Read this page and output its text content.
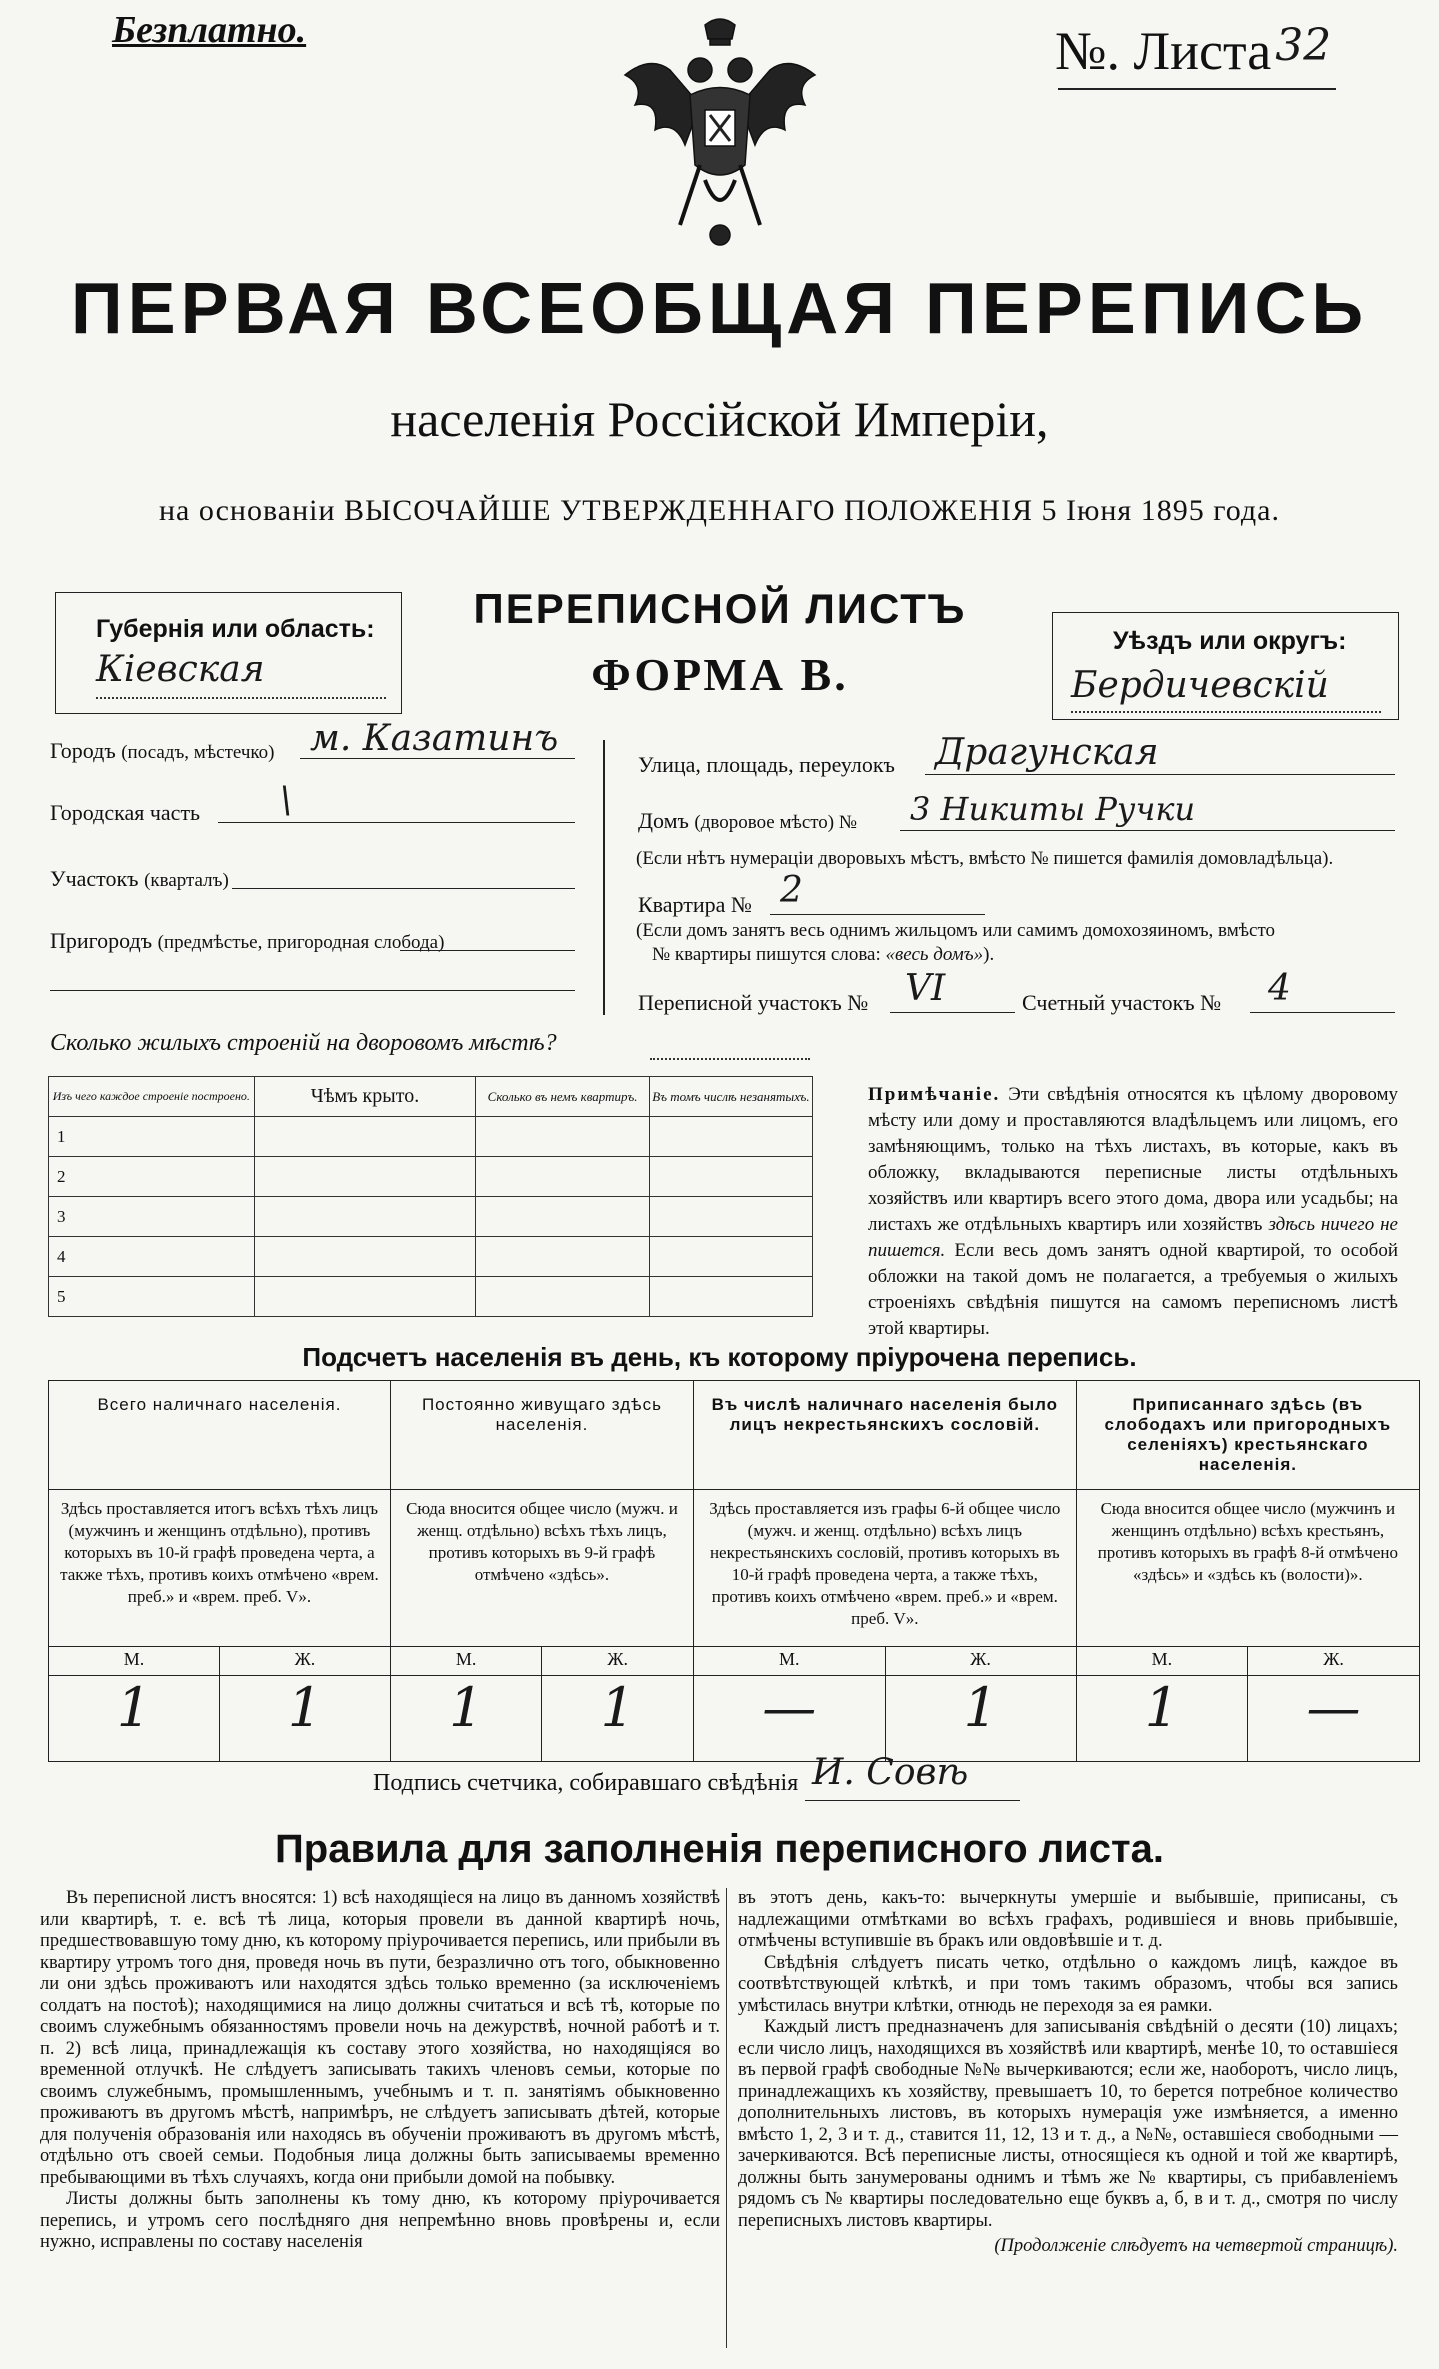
Безплатно.	№. Листа$^{32}$
ПЕРВАЯ ВСЕОБЩАЯ ПЕРЕПИСЬ
населенія Россійской Имперіи,
на основаніи ВЫСОЧАЙШЕ УТВЕРЖДЕННАГО ПОЛОЖЕНІЯ 5 Іюня 1895 года.
Губернія или область:
Кіевская
ПЕРЕПИСНОЙ ЛИСТЪ
ФОРМА В.
Уѣздъ или округъ:
Бердичевскій
Городъ (посадъ, мѣстечко) м. Казатинъ
Городская часть \
Участокъ (кварталъ)
Пригородъ (предмѣстье, пригородная слобода)
Улица, площадь, переулокъ Драгунская
Домъ (дворовое мѣсто) № 3 Никиты Ручки
(Если нѣтъ нумераціи дворовыхъ мѣстъ, вмѣсто № пишется фамилія домовладѣльца).
Квартира № 2
(Если домъ занятъ весь однимъ жильцомъ или самимъ домохозяиномъ, вмѣсто
№ квартиры пишутся слова: «весь домъ»).
Переписной участокъ № VI	Счетный участокъ № 4
Сколько жилыхъ строеній на дворовомъ мѣстѣ?
Изъ чего каждое строеніе построено.	Чѣмъ крыто.	Сколько въ немъ квартиръ.	Въ томъ числѣ незанятыхъ.
1			
2			
3			
4			
5			
Примѣчаніе. Эти свѣдѣнія относятся къ цѣлому дворовому мѣсту или дому и проставляются владѣльцемъ или лицомъ, его замѣняющимъ, только на тѣхъ листахъ, въ которые, какъ въ обложку, вкладываются переписные листы отдѣльныхъ хозяйствъ или квартиръ всего этого дома, двора или усадьбы; на листахъ же отдѣльныхъ квартиръ или хозяйствъ здѣсь ничего не пишется. Если весь домъ занятъ одной квартирой, то особой обложки на такой домъ не полагается, а требуемыя о жилыхъ строеніяхъ свѣдѣнія пишутся на самомъ переписномъ листѣ этой квартиры.
Подсчетъ населенія въ день, къ которому пріурочена перепись.
Всего наличнаго населенія.		Постоянно живущаго здѣсь населенія.		Въ числѣ наличнаго населенія было лицъ некрестьянскихъ сословій.		Приписаннаго здѣсь (въ слободахъ или пригородныхъ селеніяхъ) крестьянскаго населенія.	
Здѣсь проставляется итогъ всѣхъ тѣхъ лицъ (мужчинъ и женщинъ отдѣльно), противъ которыхъ въ 10-й графѣ проведена черта, а также тѣхъ, противъ коихъ отмѣчено «врем. преб.» и «врем. преб. V».		Сюда вносится общее число (мужч. и женщ. отдѣльно) всѣхъ тѣхъ лицъ, противъ которыхъ въ 9-й графѣ отмѣчено «здѣсь».		Здѣсь проставляется изъ графы 6-й общее число (мужч. и женщ. отдѣльно) всѣхъ лицъ некрестьянскихъ сословій, противъ которыхъ въ 10-й графѣ проведена черта, а также тѣхъ, противъ коихъ отмѣчено «врем. преб.» и «врем. преб. V».		Сюда вносится общее число (мужчинъ и женщинъ отдѣльно) всѣхъ крестьянъ, противъ которыхъ въ графѣ 8-й отмѣчено «здѣсь» и «здѣсь къ (волости)».	
М.	Ж.	М.	Ж.	М.	Ж.	М.	Ж.
1	1	1	1	—	1	1	—
Подпись счетчика, собиравшаго свѣдѣнія И. Совѣ
Правила для заполненія переписного листа.

Въ переписной листъ вносятся: 1) всѣ находящіеся на лицо въ данномъ хозяйствѣ или квартирѣ, т. е. всѣ тѣ лица, которыя провели въ данной квартирѣ ночь, предшествовавшую тому дню, къ которому пріурочивается перепись, или прибыли въ квартиру утромъ того дня, проведя ночь въ пути, безразлично отъ того, обыкновенно ли они здѣсь проживаютъ или находятся здѣсь только временно (за исключеніемъ солдатъ на постоѣ); находящимися на лицо должны считаться и всѣ тѣ, которые по своимъ служебнымъ обязанностямъ провели ночь на дежурствѣ, ночной работѣ и т. п. 2) всѣ лица, принадлежащія къ составу этого хозяйства, но находящіяся во временной отлучкѣ. Не слѣдуетъ записывать такихъ членовъ семьи, которые по своимъ служебнымъ, промышленнымъ, учебнымъ и т. п. занятіямъ обыкновенно проживаютъ въ другомъ мѣстѣ, напримѣръ, не слѣдуетъ записывать дѣтей, которые для полученія образованія или находясь въ обученіи проживаютъ въ другомъ мѣстѣ, отдѣльно отъ своей семьи. Подобныя лица должны быть записываемы временно пребывающими въ тѣхъ случаяхъ, когда они прибыли домой на побывку.

Листы должны быть заполнены къ тому дню, къ которому пріурочивается перепись, и утромъ сего послѣдняго дня непремѣнно вновь провѣрены и, если нужно, исправлены по составу населенія

въ этотъ день, какъ-то: вычеркнуты умершіе и выбывшіе, приписаны, съ надлежащими отмѣтками во всѣхъ графахъ, родившіеся и вновь прибывшіе, отмѣчены вступившіе въ бракъ или овдовѣвшіе и т. д.

Свѣдѣнія слѣдуетъ писать четко, отдѣльно о каждомъ лицѣ, каждое въ соотвѣтствующей клѣткѣ, и при томъ такимъ образомъ, чтобы вся запись умѣстилась внутри клѣтки, отнюдь не переходя за ея рамки.

Каждый листъ предназначенъ для записыванія свѣдѣній о десяти (10) лицахъ; если число лицъ, находящихся въ хозяйствѣ или квартирѣ, менѣе 10, то оставшіеся въ первой графѣ свободные №№ вычеркиваются; если же, наоборотъ, число лицъ, принадлежащихъ къ хозяйству, превышаетъ 10, то берется потребное количество дополнительныхъ листовъ, въ которыхъ нумерація уже измѣняется, а именно вмѣсто 1, 2, 3 и т. д., ставится 11, 12, 13 и т. д., а №№, оставшіеся свободными — зачеркиваются. Всѣ переписные листы, относящіеся къ одной и той же квартирѣ, должны быть занумерованы однимъ и тѣмъ же № квартиры, съ прибавленіемъ рядомъ съ № квартиры последовательно еще буквъ а, б, в и т. д., смотря по числу переписныхъ листовъ квартиры.

(Продолженіе слѣдуетъ на четвертой страницѣ).
